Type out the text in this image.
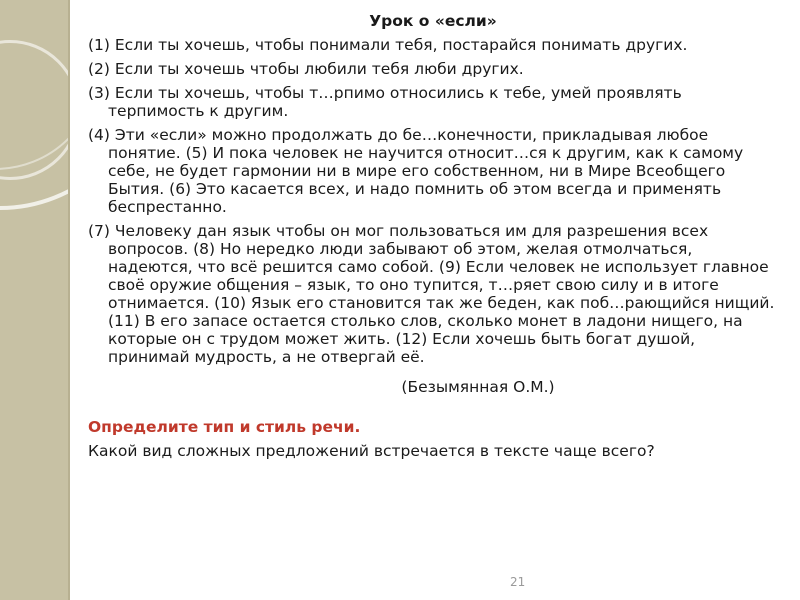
Урок о «если»

(1) Если ты хочешь, чтобы понимали тебя, постарайся понимать других.

(2) Если ты хочешь чтобы любили тебя люби других.

(3) Если ты хочешь, чтобы т…рпимо относились к тебе, умей проявлять терпимость к другим.

(4) Эти «если» можно продолжать до бе…конечности, прикладывая любое понятие. (5) И пока человек не научится относит…ся к другим, как к самому себе, не будет гармонии ни в мире его собственном, ни в Мире Всеобщего Бытия. (6) Это касается всех, и надо помнить об этом всегда и применять беспрестанно.

(7) Человеку дан язык чтобы он мог пользоваться им для разрешения всех вопросов. (8) Но нередко люди забывают об этом, желая отмолчаться, надеются, что всё решится само собой. (9) Если человек не использует главное своё оружие общения – язык, то оно тупится, т…ряет свою силу и в итоге отнимается. (10) Язык его становится так же беден, как поб…рающийся нищий. (11) В его запасе остается столько слов, сколько монет в ладони нищего, на которые он с трудом может жить. (12) Если хочешь быть богат душой, принимай мудрость, а не отвергай её.

(Безымянная О.М.)
Определите тип и стиль речи.
Какой вид сложных предложений встречается в тексте чаще всего?
21
